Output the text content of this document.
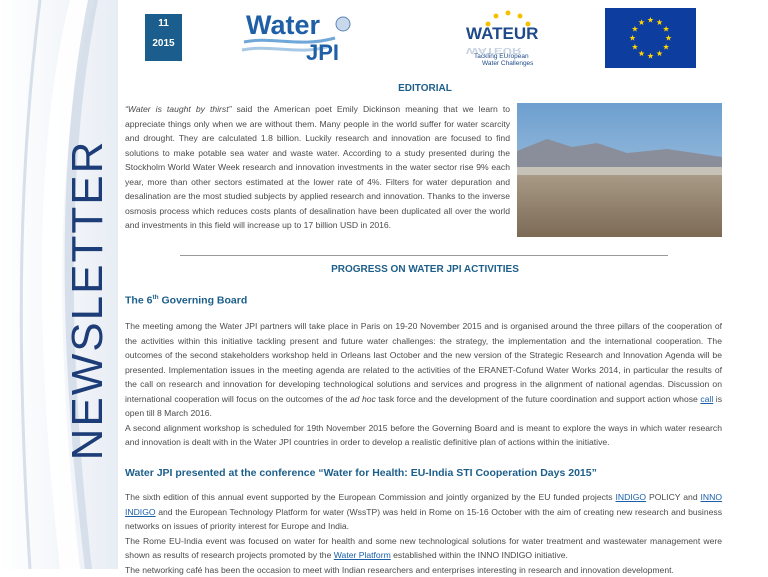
NEWSLETTER
11
2015
Water
JPI
WATEUR
WATEUR
Tackling EUropean
Water Challenges
EDITORIAL

“Water is taught by thirst” said the American poet Emily Dickinson meaning that we learn to appreciate things only when we are without them. Many people in the world suffer for water scarcity and drought. They are calculated 1.8 billion. Luckily research and innovation are focused to find solutions to make potable sea water and waste water. According to a study presented during the Stockholm World Water Week research and innovation investments in the water sector rise 9% each year, more than other sectors estimated at the lower rate of 4%. Filters for water depuration and desalination are the most studied subjects by applied research and innovation. Thanks to the inverse osmosis process which reduces costs plants of desalination have been duplicated all over the world and investments in this field will increase up to 17 billion USD in 2016.

PROGRESS ON WATER JPI ACTIVITIES
The 6th Governing Board

The meeting among the Water JPI partners will take place in Paris on 19-20 November 2015 and is organised around the three pillars of the cooperation of the activities within this initiative tackling present and future water challenges: the strategy, the implementation and the international cooperation. The outcomes of the second stakeholders workshop held in Orleans last October and the new version of the Strategic Research and Innovation Agenda will be presented. Implementation issues in the meeting agenda are related to the activities of the ERANET-Cofund Water Works 2014, in particular the results of the call on research and innovation for developing technological solutions and services and progress in the alignment of national agendas. Discussion on international cooperation will focus on the outcomes of the ad hoc task force and the development of the future coordination and support action whose call is open till 8 March 2016.

A second alignment workshop is scheduled for 19th November 2015 before the Governing Board and is meant to explore the ways in which water research and innovation is dealt with in the Water JPI countries in order to develop a realistic definitive plan of actions within the initiative.

Water JPI presented at the conference “Water for Health: EU-India STI Cooperation Days 2015”

The sixth edition of this annual event supported by the European Commission and jointly organized by the EU funded projects INDIGO POLICY and INNO INDIGO and the European Technology Platform for water (WssTP) was held in Rome on 15-16 October with the aim of creating new research and business networks on issues of priority interest for Europe and India.

The Rome EU-India event was focused on water for health and some new technological solutions for water treatment and wastewater management were shown as results of research projects promoted by the Water Platform established within the INNO INDIGO initiative.

The networking café has been the occasion to meet with Indian researchers and enterprises interesting in research and innovation development.
